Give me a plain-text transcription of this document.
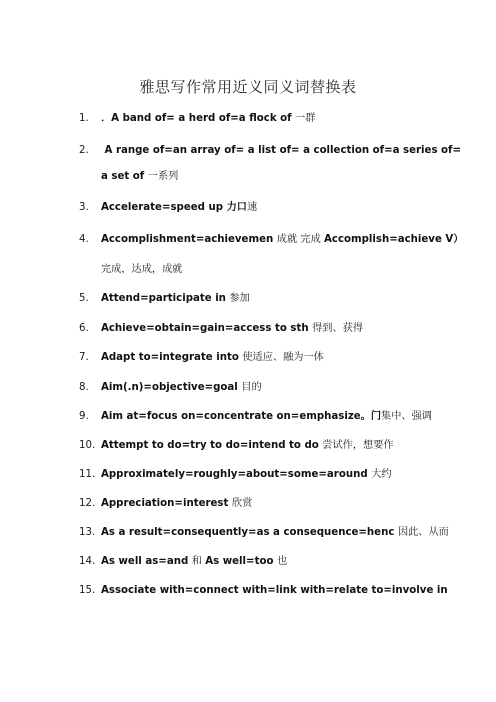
雅思写作常用近义同义词替换表
1. ．A band of= a herd of=a flock of 一群
2. A range of=an array of= a list of= a collection of=a series of=
a set of 一系列
3. Accelerate=speed up 力口速
4. Accomplishment=achievemen 成就 完成 Accomplish=achieve V）
完成，达成，成就
5. Attend=participate in 参加
6. Achieve=obtain=gain=access to sth 得到、获得
7. Adapt to=integrate into 使适应、融为一体
8. Aim(.n)=objective=goal 目的
9. Aim at=focus on=concentrate on=emphasize。门集中、强调
10. Attempt to do=try to do=intend to do 尝试作，想要作
11. Approximately=roughly=about=some=around 大约
12. Appreciation=interest 欣赏
13. As a result=consequently=as a consequence=henc 因此、从而
14. As well as=and 和 As well=too 也
15. Associate with=connect with=link with=relate to=involve in
